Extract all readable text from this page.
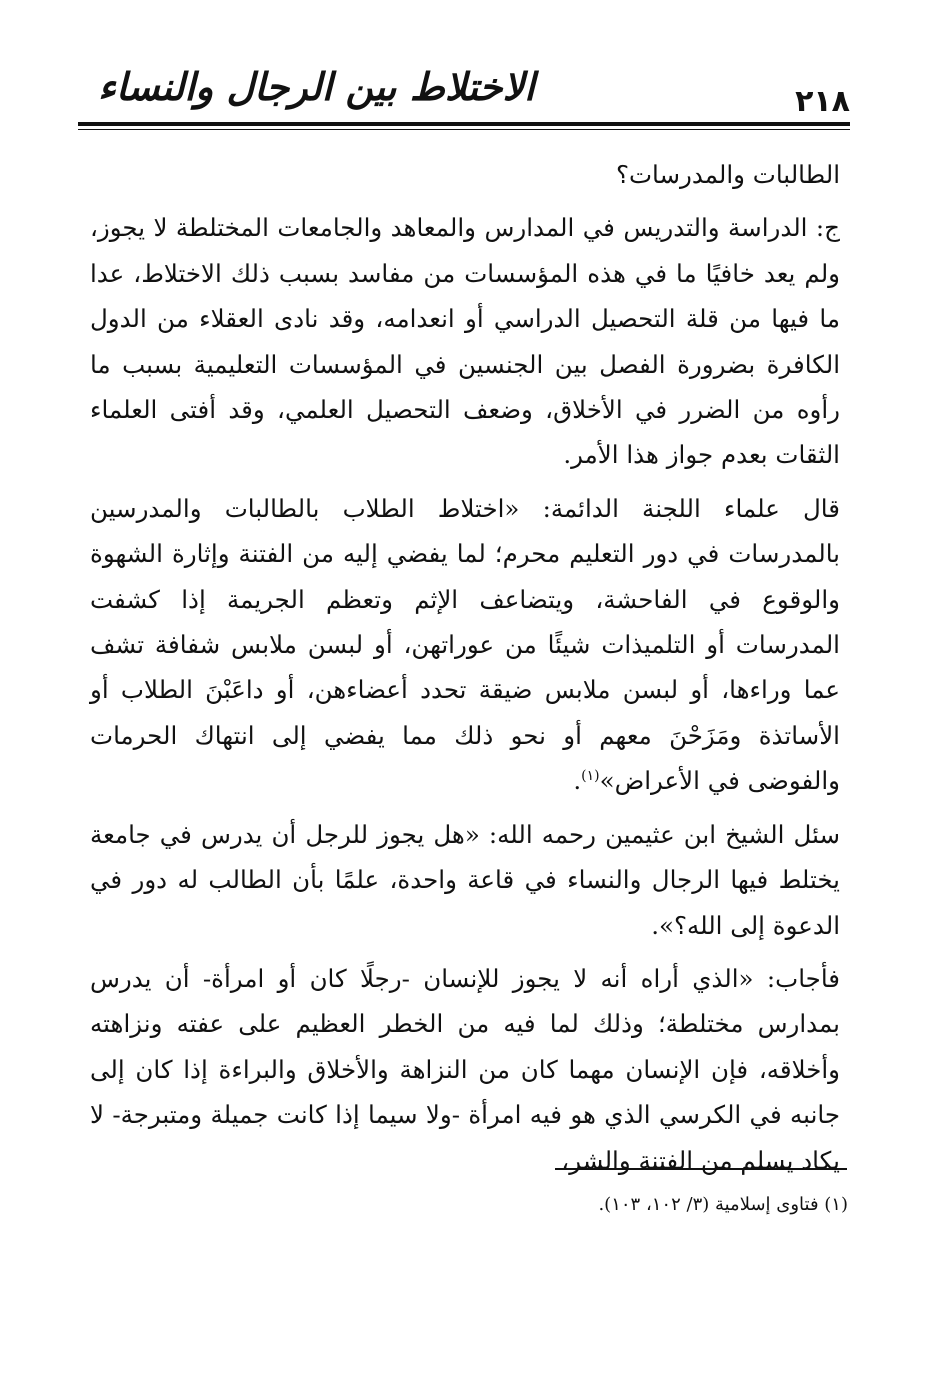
٢١٨
الاختلاط بين الرجال والنساء

الطالبات والمدرسات؟

ج: الدراسة والتدريس في المدارس والمعاهد والجامعات المختلطة لا يجوز، ولم يعد خافيًا ما في هذه المؤسسات من مفاسد بسبب ذلك الاختلاط، عدا ما فيها من قلة التحصيل الدراسي أو انعدامه، وقد نادى العقلاء من الدول الكافرة بضرورة الفصل بين الجنسين في المؤسسات التعليمية بسبب ما رأوه من الضرر في الأخلاق، وضعف التحصيل العلمي، وقد أفتى العلماء الثقات بعدم جواز هذا الأمر.

قال علماء اللجنة الدائمة: «اختلاط الطلاب بالطالبات والمدرسين بالمدرسات في دور التعليم محرم؛ لما يفضي إليه من الفتنة وإثارة الشهوة والوقوع في الفاحشة، ويتضاعف الإثم وتعظم الجريمة إذا كشفت المدرسات أو التلميذات شيئًا من عوراتهن، أو لبسن ملابس شفافة تشف عما وراءها، أو لبسن ملابس ضيقة تحدد أعضاءهن، أو داعَبْنَ الطلاب أو الأساتذة ومَزَحْنَ معهم أو نحو ذلك مما يفضي إلى انتهاك الحرمات والفوضى في الأعراض»$^{(١)}$.

سئل الشيخ ابن عثيمين رحمه الله: «هل يجوز للرجل أن يدرس في جامعة يختلط فيها الرجال والنساء في قاعة واحدة، علمًا بأن الطالب له دور في الدعوة إلى الله؟».

فأجاب: «الذي أراه أنه لا يجوز للإنسان -رجلًا كان أو امرأة- أن يدرس بمدارس مختلطة؛ وذلك لما فيه من الخطر العظيم على عفته ونزاهته وأخلاقه، فإن الإنسان مهما كان من النزاهة والأخلاق والبراءة إذا كان إلى جانبه في الكرسي الذي هو فيه امرأة -ولا سيما إذا كانت جميلة ومتبرجة- لا يكاد يسلم من الفتنة والشر،

(١) فتاوى إسلامية (٣/ ١٠٢، ١٠٣).
